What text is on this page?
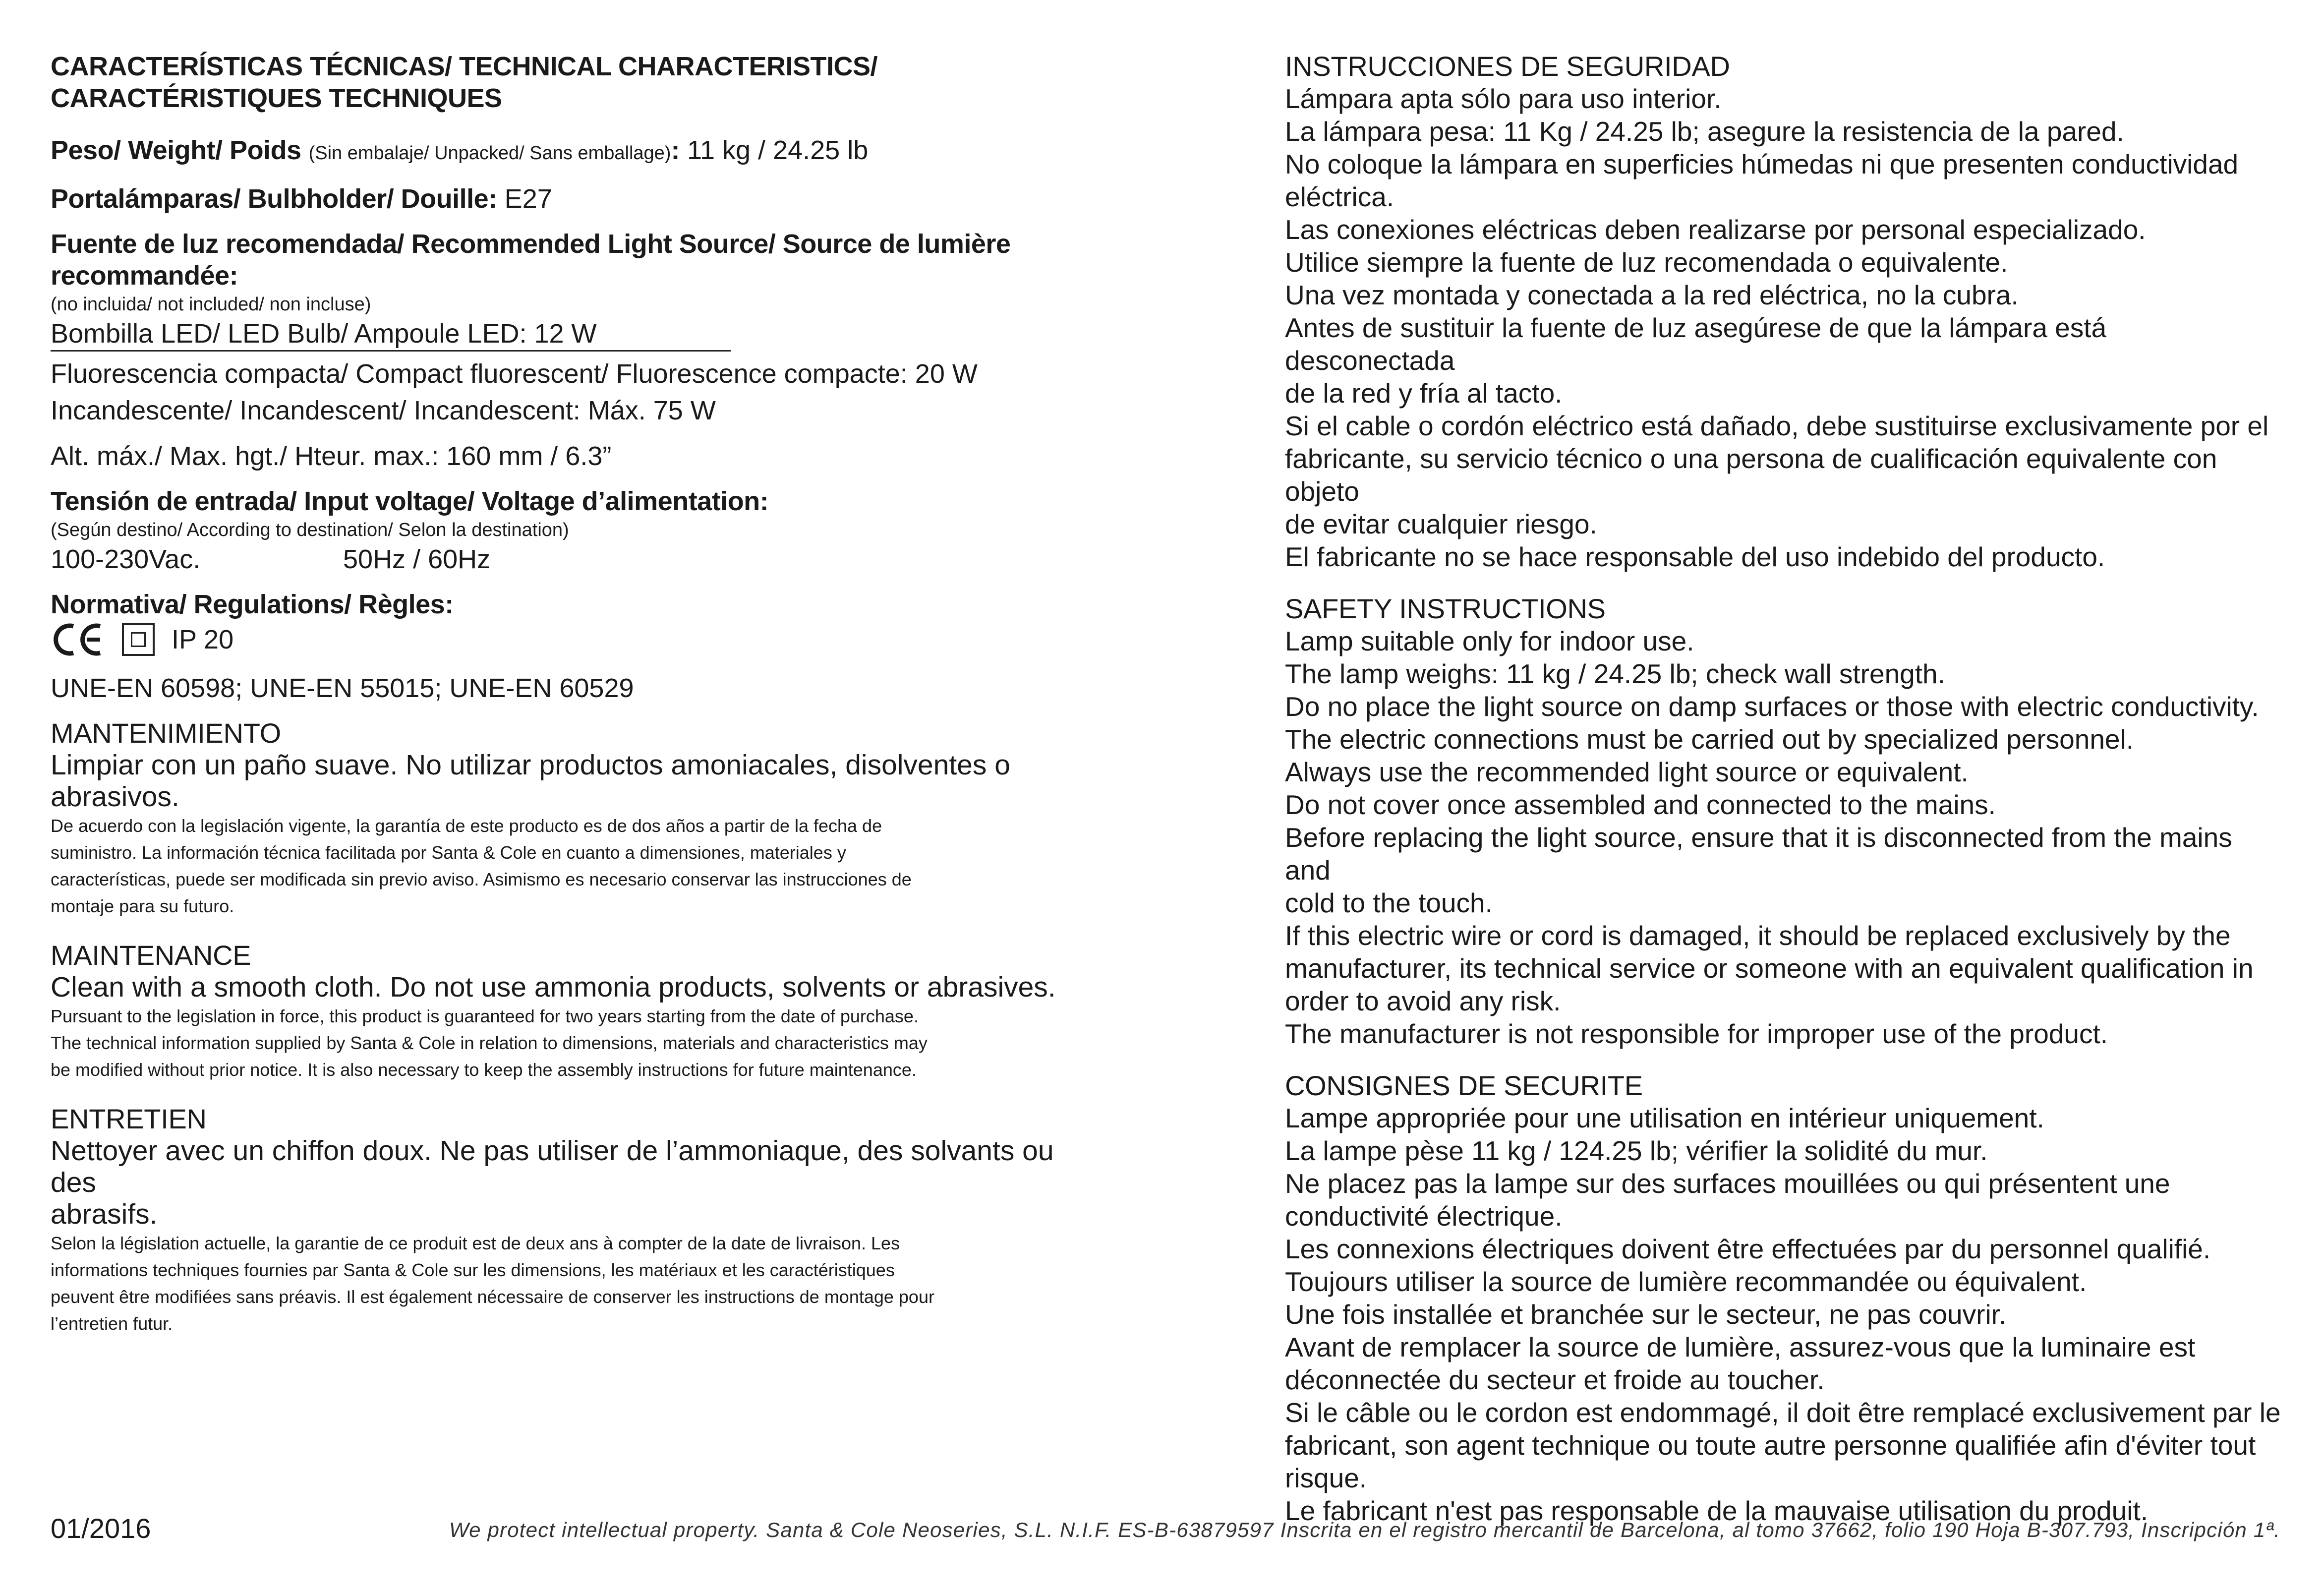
CARACTERÍSTICAS TÉCNICAS/ TECHNICAL CHARACTERISTICS/
CARACTÉRISTIQUES TECHNIQUES
Peso/ Weight/ Poids (Sin embalaje/ Unpacked/ Sans emballage): 11 kg / 24.25 lb
Portalámparas/ Bulbholder/ Douille: E27
Fuente de luz recomendada/ Recommended Light Source/ Source de lumière
recommandée:
(no incluida/ not included/ non incluse)
Bombilla LED/ LED Bulb/ Ampoule LED: 12 W
Fluorescencia compacta/ Compact fluorescent/ Fluorescence compacte: 20 W
Incandescente/ Incandescent/ Incandescent: Máx. 75 W
Alt. máx./ Max. hgt./ Hteur. max.: 160 mm / 6.3”
Tensión de entrada/ Input voltage/ Voltage d’alimentation:
(Según destino/ According to destination/ Selon la destination)
100-230Vac.	50Hz / 60Hz
Normativa/ Regulations/ Règles:
IP 20
UNE-EN 60598; UNE-EN 55015; UNE-EN 60529
MANTENIMIENTO
Limpiar con un paño suave. No utilizar productos amoniacales, disolventes o
abrasivos.
De acuerdo con la legislación vigente, la garantía de este producto es de dos años a partir de la fecha de
suministro. La información técnica facilitada por Santa & Cole en cuanto a dimensiones, materiales y
características, puede ser modificada sin previo aviso. Asimismo es necesario conservar las instrucciones de
montaje para su futuro.
MAINTENANCE
Clean with a smooth cloth. Do not use ammonia products, solvents or abrasives.
Pursuant to the legislation in force, this product is guaranteed for two years starting from the date of purchase.
The technical information supplied by Santa & Cole in relation to dimensions, materials and characteristics may
be modified without prior notice. It is also necessary to keep the assembly instructions for future maintenance.
ENTRETIEN
Nettoyer avec un chiffon doux. Ne pas utiliser de l’ammoniaque, des solvants ou des
abrasifs.
Selon la législation actuelle, la garantie de ce produit est de deux ans à compter de la date de livraison. Les
informations techniques fournies par Santa & Cole sur les dimensions, les matériaux et les caractéristiques
peuvent être modifiées sans préavis. Il est également nécessaire de conserver les instructions de montage pour
l’entretien futur.
INSTRUCCIONES DE SEGURIDAD
Lámpara apta sólo para uso interior.
La lámpara pesa: 11 Kg / 24.25 lb; asegure la resistencia de la pared.
No coloque la lámpara en superficies húmedas ni que presenten conductividad
eléctrica.
Las conexiones eléctricas deben realizarse por personal especializado.
Utilice siempre la fuente de luz recomendada o equivalente.
Una vez montada y conectada a la red eléctrica, no la cubra.
Antes de sustituir la fuente de luz asegúrese de que la lámpara está desconectada
de la red y fría al tacto.
Si el cable o cordón eléctrico está dañado, debe sustituirse exclusivamente por el
fabricante, su servicio técnico o una persona de cualificación equivalente con objeto
de evitar cualquier riesgo.
El fabricante no se hace responsable del uso indebido del producto.
SAFETY INSTRUCTIONS
Lamp suitable only for indoor use.
The lamp weighs: 11 kg / 24.25 lb; check wall strength.
Do no place the light source on damp surfaces or those with electric conductivity.
The electric connections must be carried out by specialized personnel.
Always use the recommended light source or equivalent.
Do not cover once assembled and connected to the mains.
Before replacing the light source, ensure that it is disconnected from the mains and
cold to the touch.
If this electric wire or cord is damaged, it should be replaced exclusively by the
manufacturer, its technical service or someone with an equivalent qualification in
order to avoid any risk.
The manufacturer is not responsible for improper use of the product.
CONSIGNES DE SECURITE
Lampe appropriée pour une utilisation en intérieur uniquement.
La lampe pèse 11 kg / 124.25 lb; vérifier la solidité du mur.
Ne placez pas la lampe sur des surfaces mouillées ou qui présentent une
conductivité électrique.
Les connexions électriques doivent être effectuées par du personnel qualifié.
Toujours utiliser la source de lumière recommandée ou équivalent.
Une fois installée et branchée sur le secteur, ne pas couvrir.
Avant de remplacer la source de lumière, assurez-vous que la luminaire est
déconnectée du secteur et froide au toucher.
Si le câble ou le cordon est endommagé, il doit être remplacé exclusivement par le
fabricant, son agent technique ou toute autre personne qualifiée afin d'éviter tout
risque.
Le fabricant n'est pas responsable de la mauvaise utilisation du produit.
01/2016	We protect intellectual property. Santa & Cole Neoseries, S.L. N.I.F. ES-B-63879597 Inscrita en el registro mercantil de Barcelona, al tomo 37662, folio 190 Hoja B-307.793, Inscripción 1ª.
